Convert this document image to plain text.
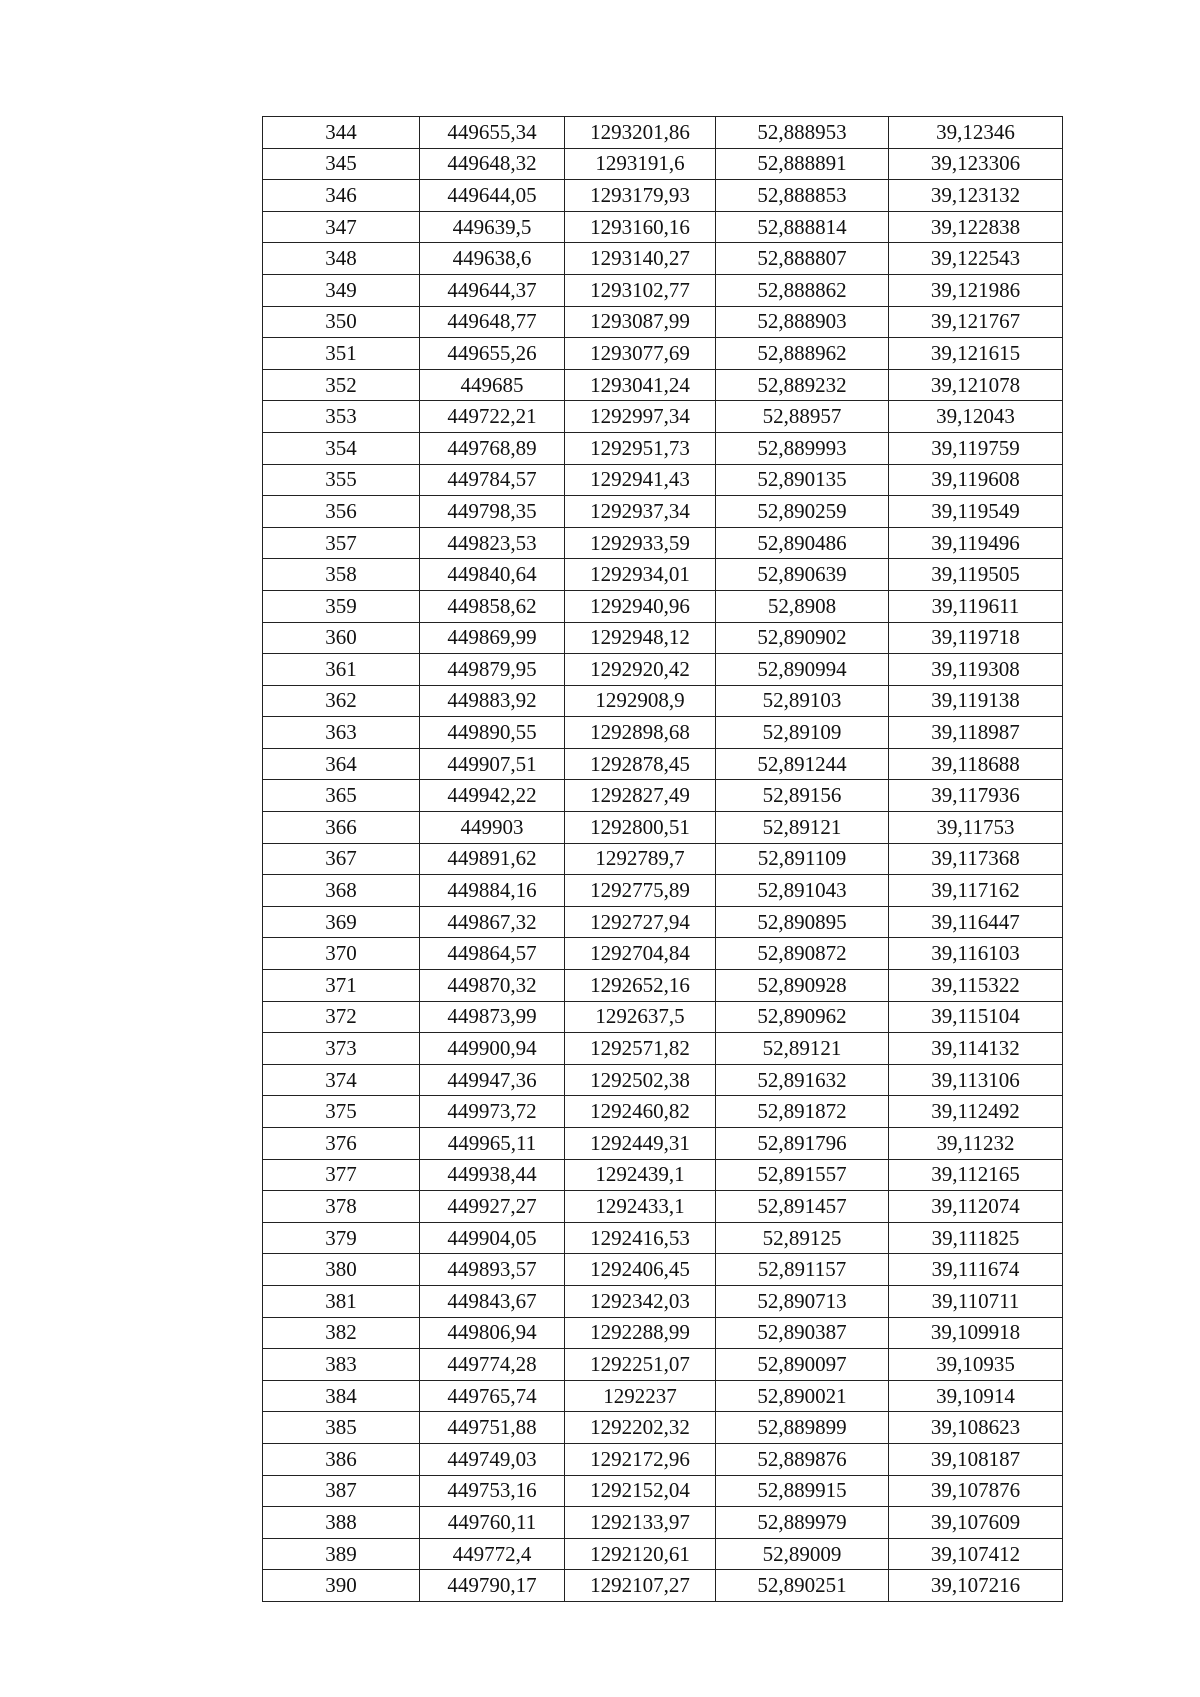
344	449655,34	1293201,86	52,888953	39,12346
345	449648,32	1293191,6	52,888891	39,123306
346	449644,05	1293179,93	52,888853	39,123132
347	449639,5	1293160,16	52,888814	39,122838
348	449638,6	1293140,27	52,888807	39,122543
349	449644,37	1293102,77	52,888862	39,121986
350	449648,77	1293087,99	52,888903	39,121767
351	449655,26	1293077,69	52,888962	39,121615
352	449685	1293041,24	52,889232	39,121078
353	449722,21	1292997,34	52,88957	39,12043
354	449768,89	1292951,73	52,889993	39,119759
355	449784,57	1292941,43	52,890135	39,119608
356	449798,35	1292937,34	52,890259	39,119549
357	449823,53	1292933,59	52,890486	39,119496
358	449840,64	1292934,01	52,890639	39,119505
359	449858,62	1292940,96	52,8908	39,119611
360	449869,99	1292948,12	52,890902	39,119718
361	449879,95	1292920,42	52,890994	39,119308
362	449883,92	1292908,9	52,89103	39,119138
363	449890,55	1292898,68	52,89109	39,118987
364	449907,51	1292878,45	52,891244	39,118688
365	449942,22	1292827,49	52,89156	39,117936
366	449903	1292800,51	52,89121	39,11753
367	449891,62	1292789,7	52,891109	39,117368
368	449884,16	1292775,89	52,891043	39,117162
369	449867,32	1292727,94	52,890895	39,116447
370	449864,57	1292704,84	52,890872	39,116103
371	449870,32	1292652,16	52,890928	39,115322
372	449873,99	1292637,5	52,890962	39,115104
373	449900,94	1292571,82	52,89121	39,114132
374	449947,36	1292502,38	52,891632	39,113106
375	449973,72	1292460,82	52,891872	39,112492
376	449965,11	1292449,31	52,891796	39,11232
377	449938,44	1292439,1	52,891557	39,112165
378	449927,27	1292433,1	52,891457	39,112074
379	449904,05	1292416,53	52,89125	39,111825
380	449893,57	1292406,45	52,891157	39,111674
381	449843,67	1292342,03	52,890713	39,110711
382	449806,94	1292288,99	52,890387	39,109918
383	449774,28	1292251,07	52,890097	39,10935
384	449765,74	1292237	52,890021	39,10914
385	449751,88	1292202,32	52,889899	39,108623
386	449749,03	1292172,96	52,889876	39,108187
387	449753,16	1292152,04	52,889915	39,107876
388	449760,11	1292133,97	52,889979	39,107609
389	449772,4	1292120,61	52,89009	39,107412
390	449790,17	1292107,27	52,890251	39,107216
